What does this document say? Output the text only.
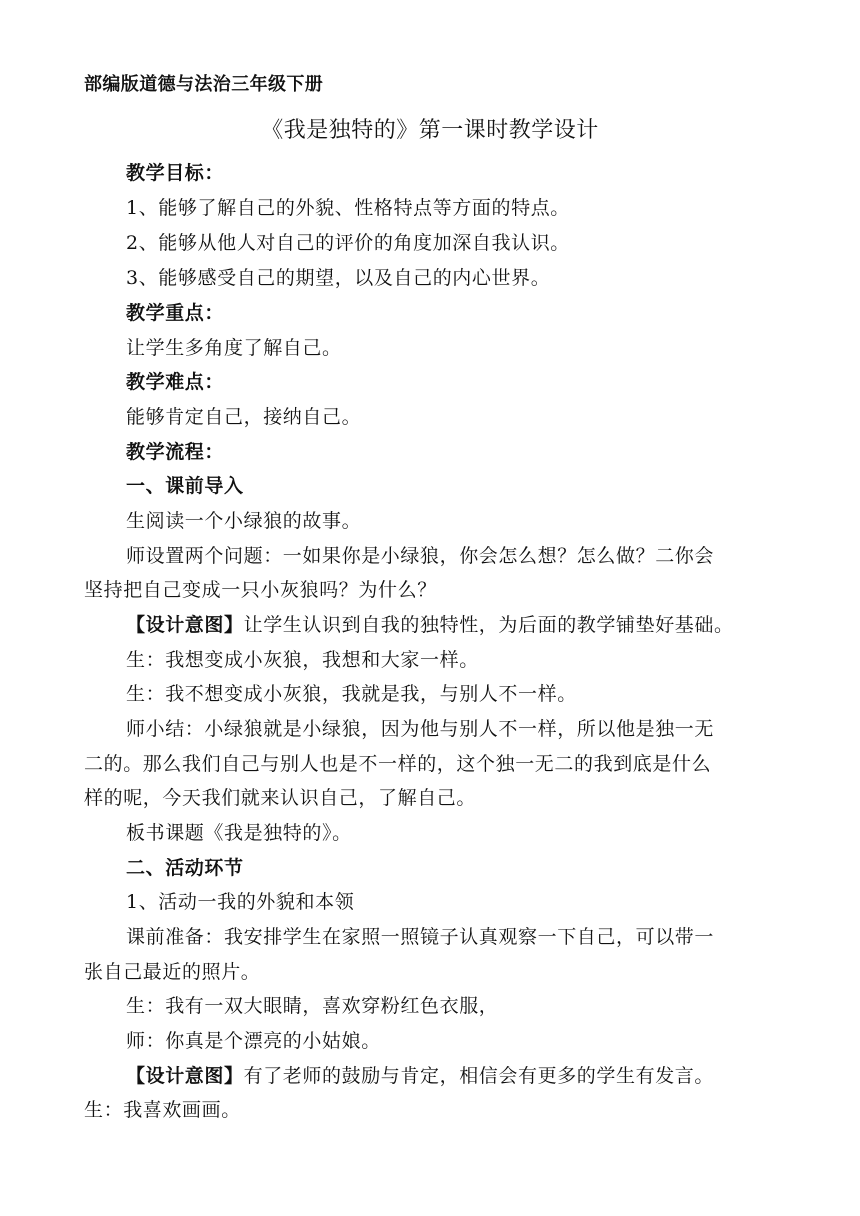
部编版道德与法治三年级下册
《我是独特的》第一课时教学设计
教学目标：
1、能够了解自己的外貌、性格特点等方面的特点。
2、能够从他人对自己的评价的角度加深自我认识。
3、能够感受自己的期望，以及自己的内心世界。
教学重点：
让学生多角度了解自己。
教学难点：
能够肯定自己，接纳自己。
教学流程：
一、课前导入
生阅读一个小绿狼的故事。
师设置两个问题：一如果你是小绿狼，你会怎么想？怎么做？二你会
坚持把自己变成一只小灰狼吗？为什么？
【设计意图】让学生认识到自我的独特性，为后面的教学铺垫好基础。
生：我想变成小灰狼，我想和大家一样。
生：我不想变成小灰狼，我就是我，与别人不一样。
师小结：小绿狼就是小绿狼，因为他与别人不一样，所以他是独一无
二的。那么我们自己与别人也是不一样的，这个独一无二的我到底是什么
样的呢，今天我们就来认识自己，了解自己。
板书课题《我是独特的》。
二、活动环节
1、活动一我的外貌和本领
课前准备：我安排学生在家照一照镜子认真观察一下自己，可以带一
张自己最近的照片。
生：我有一双大眼睛，喜欢穿粉红色衣服，
师：你真是个漂亮的小姑娘。
【设计意图】有了老师的鼓励与肯定，相信会有更多的学生有发言。
生：我喜欢画画。
